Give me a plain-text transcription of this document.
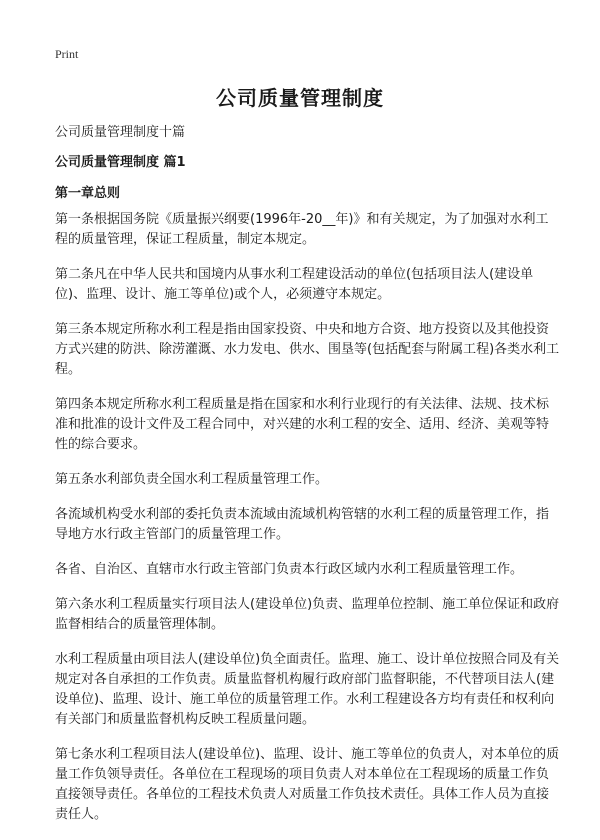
Print
公司质量管理制度
公司质量管理制度十篇
公司质量管理制度 篇1
第一章总则

第一条根据国务院《质量振兴纲要(1996年-20__年)》和有关规定，为了加强对水利工程的质量管理，保证工程质量，制定本规定。

第二条凡在中华人民共和国境内从事水利工程建设活动的单位(包括项目法人(建设单位)、监理、设计、施工等单位)或个人，必须遵守本规定。

第三条本规定所称水利工程是指由国家投资、中央和地方合资、地方投资以及其他投资方式兴建的防洪、除涝灌溉、水力发电、供水、围垦等(包括配套与附属工程)各类水利工程。

第四条本规定所称水利工程质量是指在国家和水利行业现行的有关法律、法规、技术标准和批准的设计文件及工程合同中，对兴建的水利工程的安全、适用、经济、美观等特性的综合要求。

第五条水利部负责全国水利工程质量管理工作。

各流域机构受水利部的委托负责本流域由流域机构管辖的水利工程的质量管理工作，指导地方水行政主管部门的质量管理工作。

各省、自治区、直辖市水行政主管部门负责本行政区域内水利工程质量管理工作。

第六条水利工程质量实行项目法人(建设单位)负责、监理单位控制、施工单位保证和政府监督相结合的质量管理体制。

水利工程质量由项目法人(建设单位)负全面责任。监理、施工、设计单位按照合同及有关规定对各自承担的工作负责。质量监督机构履行政府部门监督职能，不代替项目法人(建设单位)、监理、设计、施工单位的质量管理工作。水利工程建设各方均有责任和权利向有关部门和质量监督机构反映工程质量问题。

第七条水利工程项目法人(建设单位)、监理、设计、施工等单位的负责人，对本单位的质量工作负领导责任。各单位在工程现场的项目负责人对本单位在工程现场的质量工作负直接领导责任。各单位的工程技术负责人对质量工作负技术责任。具体工作人员为直接责任人。
